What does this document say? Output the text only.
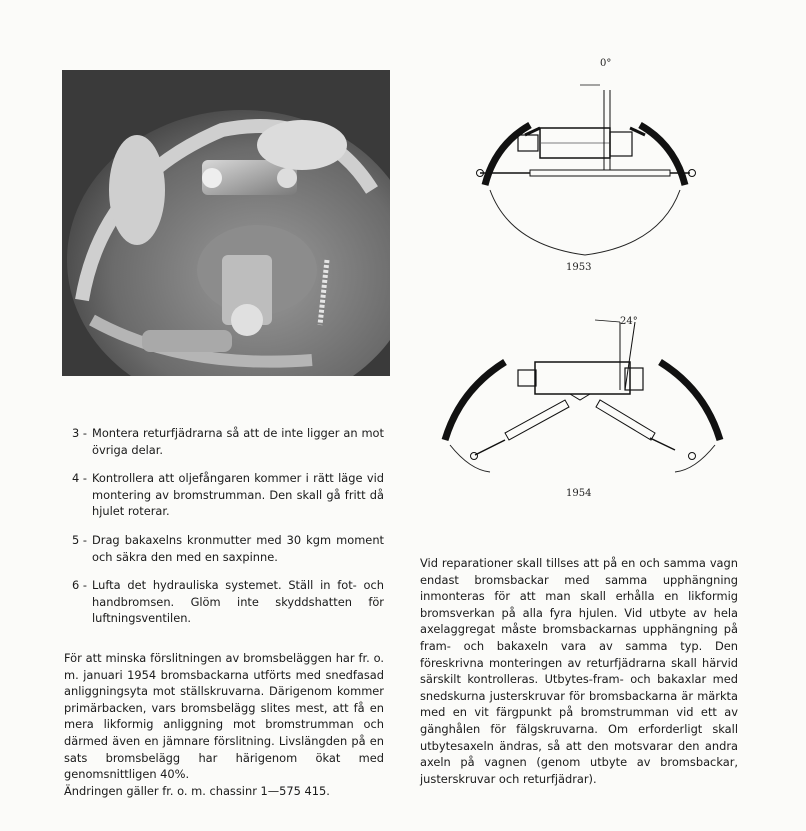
0°
1953
24°
1954
3 - Montera returfjädrarna så att de inte ligger an mot övriga delar.
4 - Kontrollera att oljefångaren kommer i rätt läge vid montering av bromstrumman. Den skall gå fritt då hjulet roterar.
5 - Drag bakaxelns kronmutter med 30 kgm moment och säkra den med en saxpinne.
6 - Lufta det hydrauliska systemet. Ställ in fot- och handbromsen. Glöm inte skyddshatten för luftningsventilen.
För att minska förslitningen av bromsbeläggen har fr. o. m. januari 1954 bromsbackarna utförts med snedfasad anliggningsyta mot ställskruvarna. Därigenom kommer primärbacken, vars bromsbelägg slites mest, att få en mera likformig anliggning mot bromstrumman och därmed även en jämnare förslitning. Livslängden på en sats bromsbelägg har härigenom ökat med genomsnittligen 40%.
Ändringen gäller fr. o. m. chassinr 1—575 415.
Vid reparationer skall tillses att på en och samma vagn endast bromsbackar med samma upphängning inmonteras för att man skall erhålla en likformig bromsverkan på alla fyra hjulen. Vid utbyte av hela axelaggregat måste bromsbackarnas upphängning på fram- och bakaxeln vara av samma typ. Den föreskrivna monteringen av returfjädrarna skall härvid särskilt kontrolleras. Utbytes-fram- och bakaxlar med snedskurna justerskruvar för bromsbackarna är märkta med en vit färgpunkt på bromstrumman vid ett av gänghålen för fälgskruvarna. Om erforderligt skall utbytesaxeln ändras, så att den motsvarar den andra axeln på vagnen (genom utbyte av bromsbackar, justerskruvar och returfjädrar).
